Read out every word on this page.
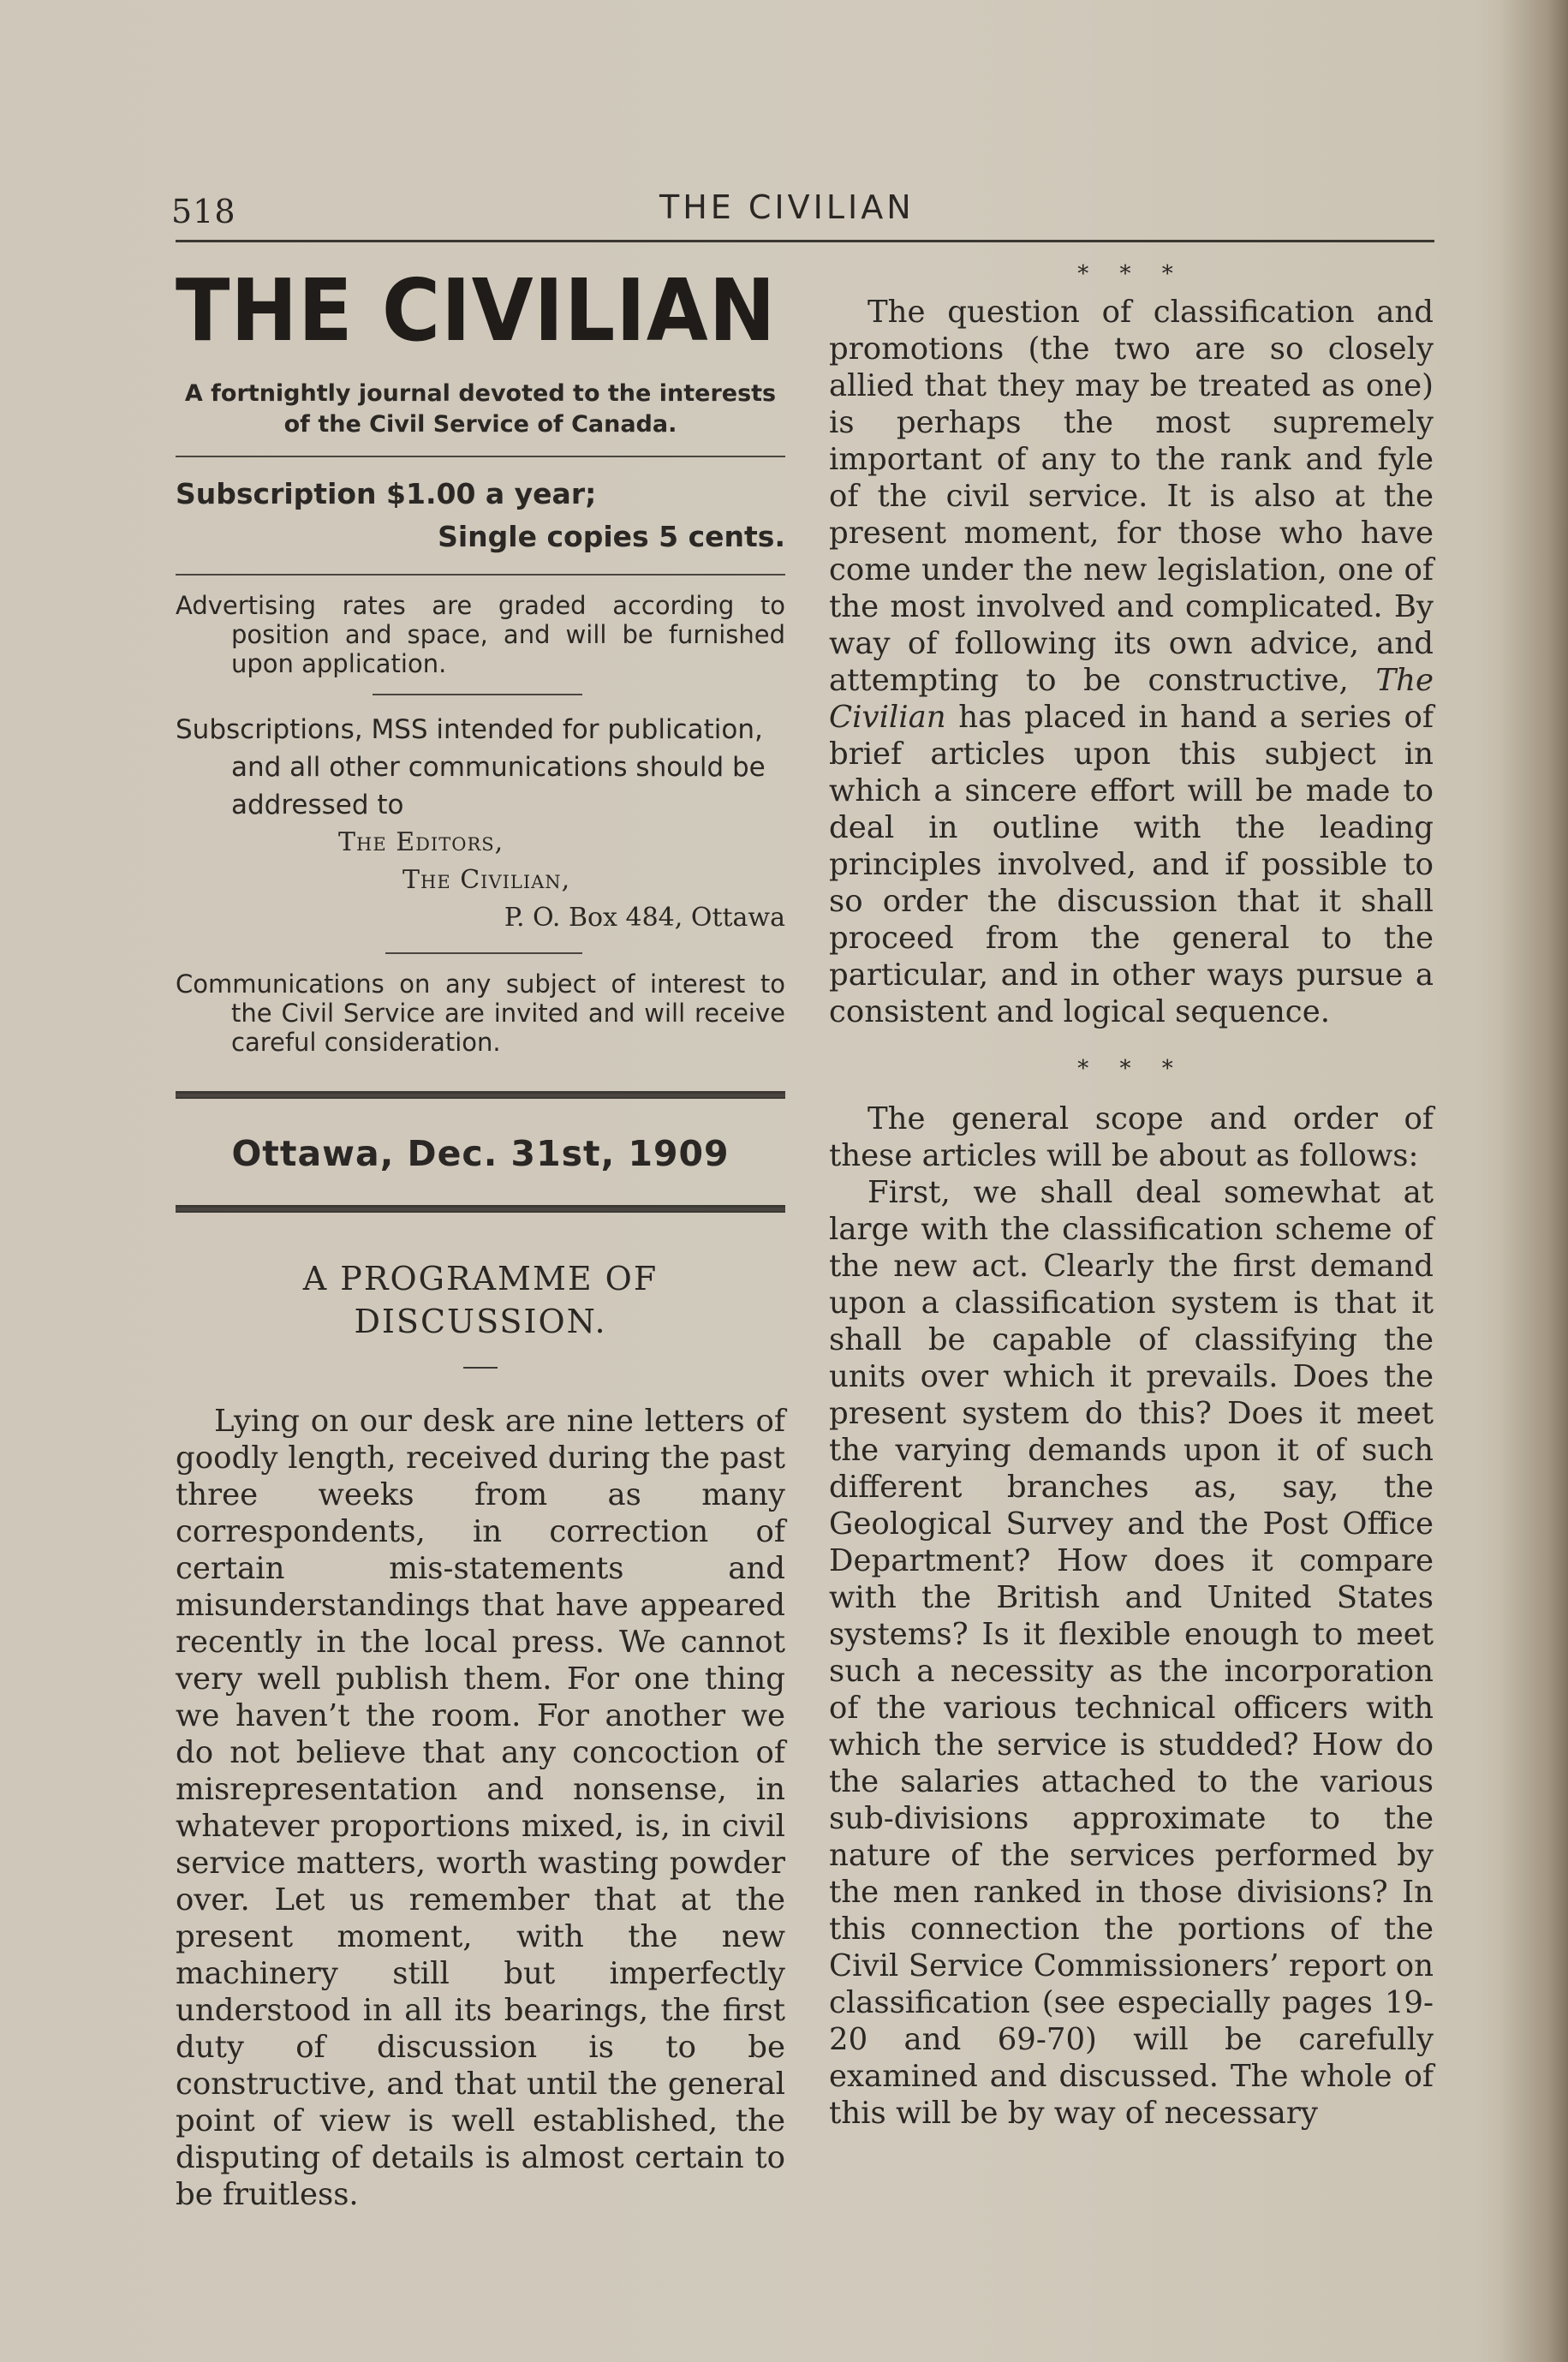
518	THE CIVILIAN
THE CIVILIAN
A fortnightly journal devoted to the interests of the Civil Service of Canada.
Subscription $1.00 a year;
Single copies 5 cents.
Advertising rates are graded according to position and space, and will be furnished upon application.
Subscriptions, MSS intended for publication, and all other communications should be addressed to
The Editors,
The Civilian,
P. O. Box 484, Ottawa
Communications on any subject of interest to the Civil Service are invited and will receive careful consideration.
Ottawa, Dec. 31st, 1909
A PROGRAMME OF DISCUSSION.

Lying on our desk are nine letters of goodly length, received during the past three weeks from as many correspondents, in correction of certain mis-statements and misunderstandings that have appeared recently in the local press. We cannot very well publish them. For one thing we haven’t the room. For another we do not believe that any concoction of misrepresentation and nonsense, in whatever proportions mixed, is, in civil service matters, worth wasting powder over. Let us remember that at the present moment, with the new machinery still but imperfectly understood in all its bearings, the first duty of discussion is to be constructive, and that until the general point of view is well established, the disputing of details is almost certain to be fruitless.

* * *

The question of classification and promotions (the two are so closely allied that they may be treated as one) is perhaps the most supremely important of any to the rank and fyle of the civil service. It is also at the present moment, for those who have come under the new legislation, one of the most involved and complicated. By way of following its own advice, and attempting to be constructive, The Civilian has placed in hand a series of brief articles upon this subject in which a sincere effort will be made to deal in outline with the leading principles involved, and if possible to so order the discussion that it shall proceed from the general to the particular, and in other ways pursue a consistent and logical sequence.

* * *

The general scope and order of these articles will be about as follows:

First, we shall deal somewhat at large with the classification scheme of the new act. Clearly the first demand upon a classification system is that it shall be capable of classifying the units over which it prevails. Does the present system do this? Does it meet the varying demands upon it of such different branches as, say, the Geological Survey and the Post Office Department? How does it compare with the British and United States systems? Is it flexible enough to meet such a necessity as the incorporation of the various technical officers with which the service is studded? How do the salaries attached to the various sub-divisions approximate to the nature of the services performed by the men ranked in those divisions? In this connection the portions of the Civil Service Commissioners’ report on classification (see especially pages 19-20 and 69-70) will be carefully examined and discussed. The whole of this will be by way of necessary
